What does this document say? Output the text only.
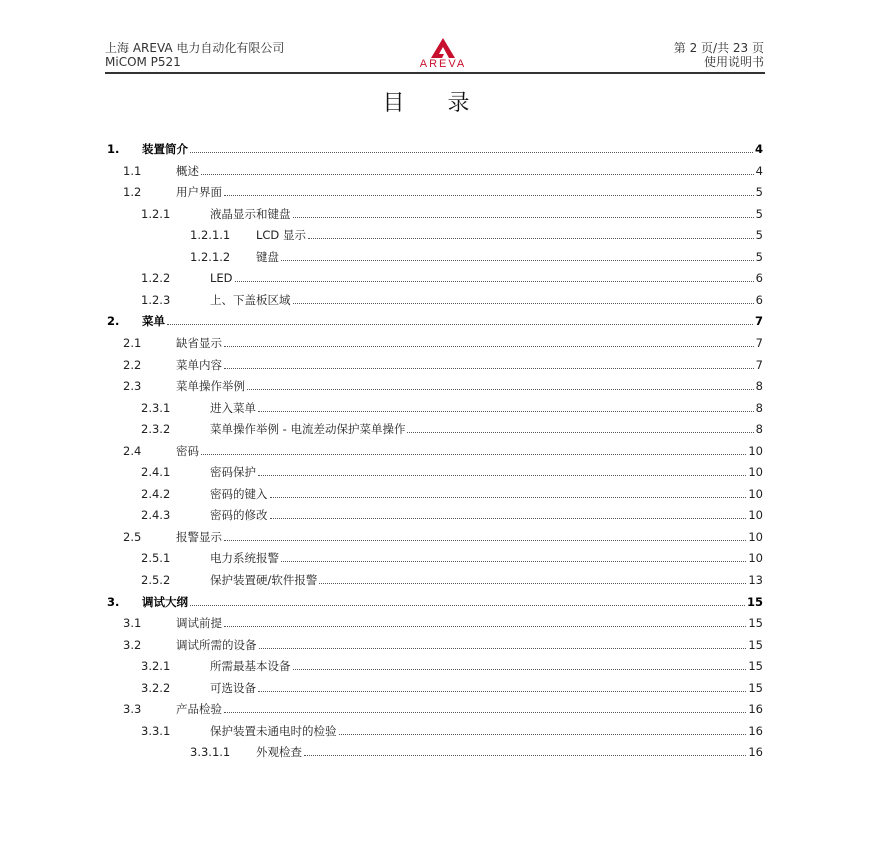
上海 AREVA 电力自动化有限公司
MiCOM P521
第 2 页/共 23 页
使用说明书
AREVA
目 录
1. 装置简介	4
1.1	概述	4
1.2	用户界面	5
1.2.1	液晶显示和键盘	5
1.2.1.1 LCD 显示	5
1.2.1.2 键盘	5
1.2.2	LED	6
1.2.3	上、下盖板区域	6
2. 菜单	7
2.1	缺省显示	7
2.2	菜单内容	7
2.3	菜单操作举例	8
2.3.1	进入菜单	8
2.3.2	菜单操作举例 - 电流差动保护菜单操作	8
2.4	密码	10
2.4.1	密码保护	10
2.4.2	密码的键入	10
2.4.3	密码的修改	10
2.5	报警显示	10
2.5.1	电力系统报警	10
2.5.2	保护装置硬/软件报警	13
3. 调试大纲	15
3.1	调试前提	15
3.2	调试所需的设备	15
3.2.1	所需最基本设备	15
3.2.2	可选设备	15
3.3	产品检验	16
3.3.1	保护装置未通电时的检验	16
3.3.1.1 外观检查	16
